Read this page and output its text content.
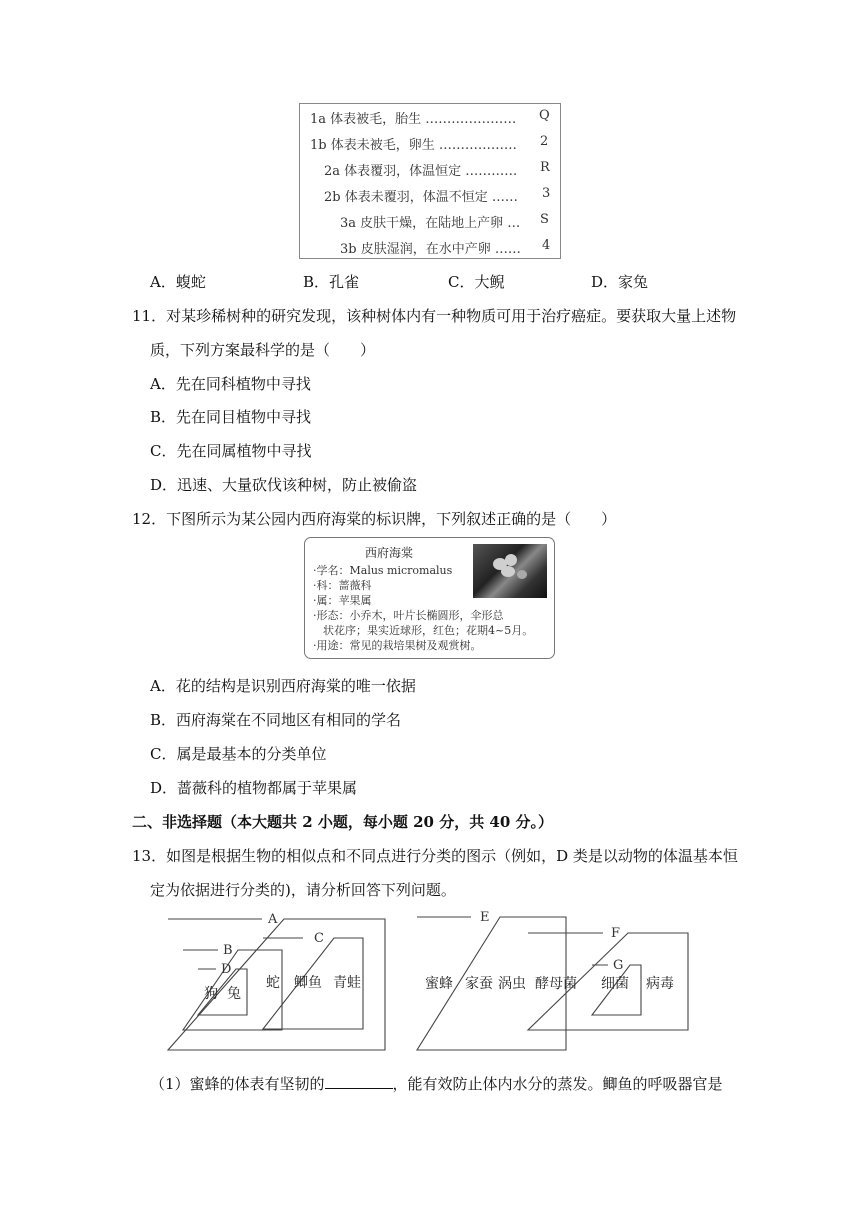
1a 体表被毛，胎生 ………………… Q
1b 体表未被毛，卵生 ……………… 2
2a 体表覆羽，体温恒定 ………… R
2b 体表未覆羽，体温不恒定 …… 3
3a 皮肤干燥，在陆地上产卵 … S
3b 皮肤湿润，在水中产卵 …… 4
A．蝮蛇	B．孔雀	C．大鲵	D．家兔
11．对某珍稀树种的研究发现，该种树体内有一种物质可用于治疗癌症。要获取大量上述物
质，下列方案最科学的是（　　）
A．先在同科植物中寻找
B．先在同目植物中寻找
C．先在同属植物中寻找
D．迅速、大量砍伐该种树，防止被偷盗
12．下图所示为某公园内西府海棠的标识牌，下列叙述正确的是（　　）
西府海棠
·学名：Malus micromalus
·科：蔷薇科
·属：苹果属
·形态：小乔木，叶片长椭圆形，伞形总
状花序；果实近球形，红色；花期4~5月。
·用途：常见的栽培果树及观赏树。
A．花的结构是识别西府海棠的唯一依据
B．西府海棠在不同地区有相同的学名
C．属是最基本的分类单位
D．蔷薇科的植物都属于苹果属
二、非选择题（本大题共 2 小题，每小题 20 分，共 40 分。）
13．如图是根据生物的相似点和不同点进行分类的图示（例如，D 类是以动物的体温基本恒
定为依据进行分类的)，请分析回答下列问题。
A
B
C
D
E
F
G
狗 兔
蛇 鲫鱼 青蛙	蜜蜂 家蚕 涡虫 酵母菌 细菌 病毒
（1）蜜蜂的体表有坚韧的	，能有效防止体内水分的蒸发。鲫鱼的呼吸器官是
